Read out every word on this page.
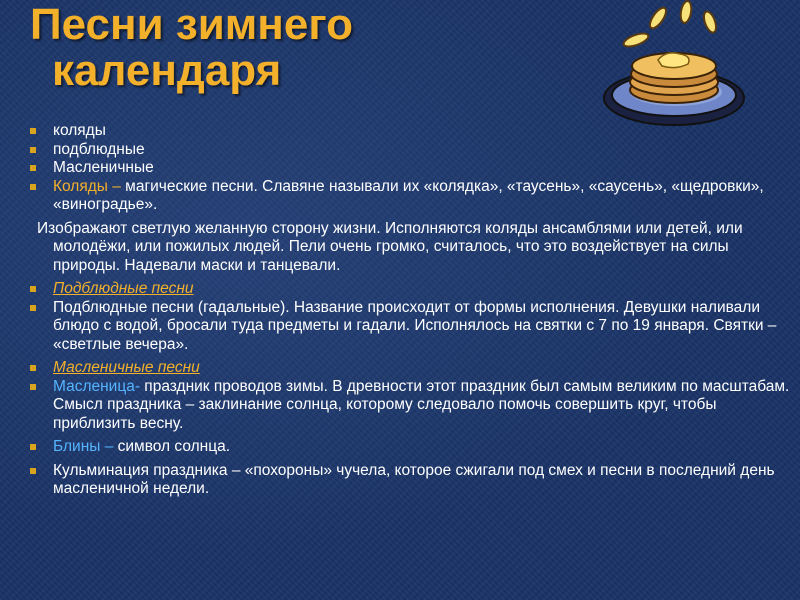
Песни зимнего
календаря
коляды
подблюдные
Масленичные
Коляды – магические песни. Славяне называли их «колядка», «таусень», «саусень», «щедровки», «виноградье».
Изображают светлую желанную сторону жизни. Исполняются коляды ансамблями или детей, или молодёжи, или пожилых людей. Пели очень громко, считалось, что это воздействует на силы природы. Надевали маски и танцевали.
Подблюдные песни
Подблюдные песни (гадальные). Название происходит от формы исполнения. Девушки наливали блюдо с водой, бросали туда предметы и гадали. Исполнялось на святки с 7 по 19 января. Святки – «светлые вечера».
Масленичные песни
Масленица- праздник проводов зимы. В древности этот праздник был самым великим по масштабам. Смысл праздника – заклинание солнца, которому следовало помочь совершить круг, чтобы приблизить весну.
Блины – символ солнца.
Кульминация праздника – «похороны» чучела, которое сжигали под смех и песни в последний день масленичной недели.
